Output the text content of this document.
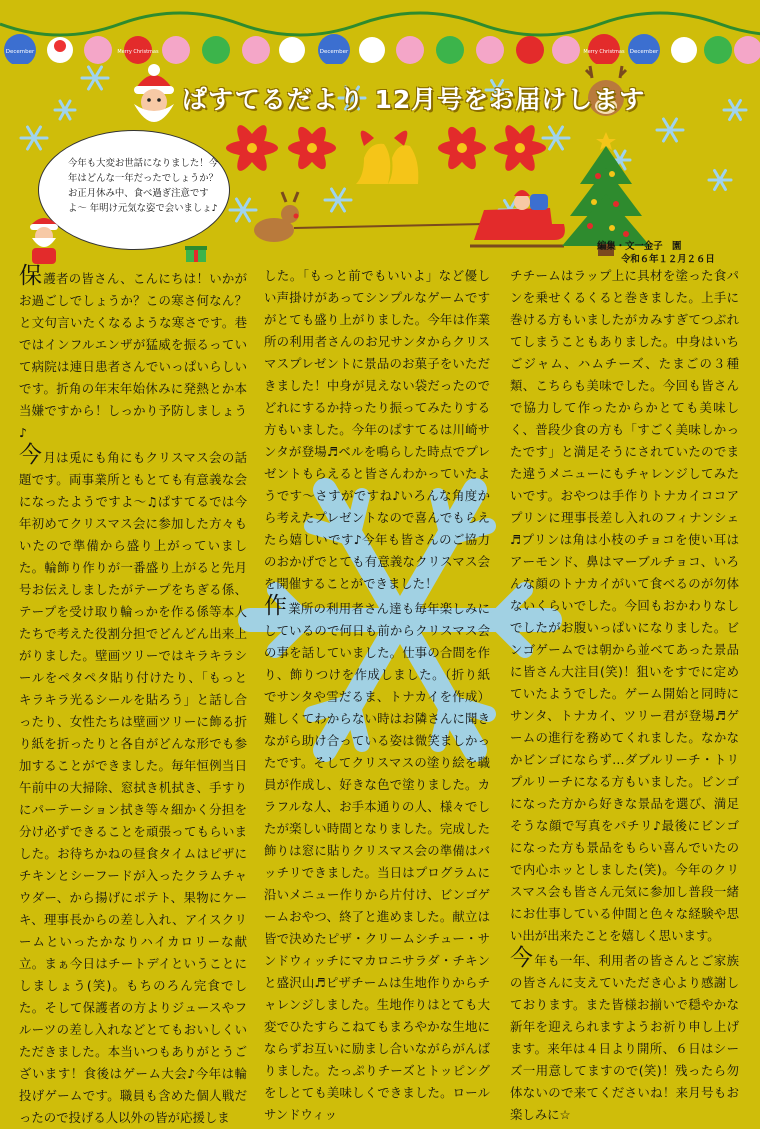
December	Merry Christmas	December	Merry Christmas December
ぱすてるだより 12月号をお届けします
今年も大変お世話になりました！今年はどんな一年だったでしょうか？お正月休み中、食べ過ぎ注意ですよ〜 年明け元気な姿で会いましょ♪
編集・文一金子　園
令和６年１２月２６日

保護者の皆さん、こんにちは！いかがお過ごしでしょうか？この寒さ何なん？と文句言いたくなるような寒さです。巷ではインフルエンザが猛威を振るっていて病院は連日患者さんでいっぱいらしいです。折角の年末年始休みに発熱とか本当嫌ですから！しっかり予防しましょう♪

今月は兎にも角にもクリスマス会の話題です。両事業所ともとても有意義な会になったようですよ〜♫ぱすてるでは今年初めてクリスマス会に参加した方々もいたので準備から盛り上がっていました。輪飾り作りが一番盛り上がると先月号お伝えしましたがテープをちぎる係、テープを受け取り輪っかを作る係等本人たちで考えた役割分担でどんどん出来上がりました。壁画ツリーではキラキラシールをペタペタ貼り付けたり、「もっとキラキラ光るシールを貼ろう」と話し合ったり、女性たちは壁画ツリーに飾る折り紙を折ったりと各自がどんな形でも参加することができました。毎年恒例当日午前中の大掃除、窓拭き机拭き、手すりにパーテーション拭き等々細かく分担を分け必ずできることを頑張ってもらいました。お待ちかねの昼食タイムはピザにチキンとシーフードが入ったクラムチャウダー、から揚げにポテト、果物にケーキ、理事長からの差し入れ、アイスクリームといったかなりハイカロリーな献立。まぁ今日はチートデイということにしましょう(笑)。もちのろん完食でした。そして保護者の方よりジュースやフルーツの差し入れなどとてもおいしくいただきました。本当いつもありがとうございます！食後はゲーム大会♪今年は輪投げゲームです。職員も含めた個人戦だったので投げる人以外の皆が応援しま

した。「もっと前でもいいよ」など優しい声掛けがあってシンプルなゲームですがとても盛り上がりました。今年は作業所の利用者さんのお兄サンタからクリスマスプレゼントに景品のお菓子をいただきました！中身が見えない袋だったのでどれにするか持ったり振ってみたりする方もいました。今年のぱすてるは川崎サンタが登場♬ベルを鳴らした時点でプレゼントもらえると皆さんわかっていたようです〜さすがですね♪いろんな角度から考えたプレゼントなので喜んでもらえたら嬉しいです♪今年も皆さんのご協力のおかげでとても有意義なクリスマス会を開催することができました！

作業所の利用者さん達も毎年楽しみにしているので何日も前からクリスマス会の事を話していました。仕事の合間を作り、飾りつけを作成しました。（折り紙でサンタや雪だるま、トナカイを作成）難しくてわからない時はお隣さんに聞きながら助け合っている姿は微笑ましかったです。そしてクリスマスの塗り絵を職員が作成し、好きな色で塗りました。カラフルな人、お手本通りの人、様々でしたが楽しい時間となりました。完成した飾りは窓に貼りクリスマス会の準備はバッチリできました。当日はプログラムに沿いメニュー作りから片付け、ビンゴゲームおやつ、終了と進めました。献立は皆で決めたピザ・クリームシチュー・サンドウィッチにマカロニサラダ・チキンと盛沢山♬ピザチームは生地作りからチャレンジしました。生地作りはとても大変でひたすらこねてもまろやかな生地にならずお互いに励まし合いながらがんばりました。たっぷりチーズとトッピングをしとても美味しくできました。ロールサンドウィッ

チチームはラップ上に具材を塗った食パンを乗せくるくると巻きました。上手に巻ける方もいましたがカみすぎてつぶれてしまうこともありました。中身はいちごジャム、ハムチーズ、たまごの３種類、こちらも美味でした。今回も皆さんで協力して作ったからかとても美味しく、普段少食の方も「すごく美味しかったです」と満足そうにされていたのでまた違うメニューにもチャレンジしてみたいです。おやつは手作りトナカイココアプリンに理事長差し入れのフィナンシェ♬プリンは角は小枝のチョコを使い耳はアーモンド、鼻はマーブルチョコ、いろんな顔のトナカイがいて食べるのが勿体ないくらいでした。今回もおかわりなしでしたがお腹いっぱいになりました。ビンゴゲームでは朝から並べてあった景品に皆さん大注目(笑)！狙いをすでに定めていたようでした。ゲーム開始と同時にサンタ、トナカイ、ツリー君が登場♬ゲームの進行を務めてくれました。なかなかビンゴにならず…ダブルリーチ・トリプルリーチになる方もいました。ビンゴになった方から好きな景品を選び、満足そうな顔で写真をパチリ♪最後にビンゴになった方も景品をもらい喜んでいたので内心ホッとしました(笑)。今年のクリスマス会も皆さん元気に参加し普段一緒にお仕事している仲間と色々な経験や思い出が出来たことを嬉しく思います。

今年も一年、利用者の皆さんとご家族の皆さんに支えていただき心より感謝しております。また皆様お揃いで穏やかな新年を迎えられますようお祈り申し上げます。来年は４日より開所、６日はシーズ一用意してますので(笑)！残ったら勿体ないので来てくださいね！来月号もお楽しみに☆
